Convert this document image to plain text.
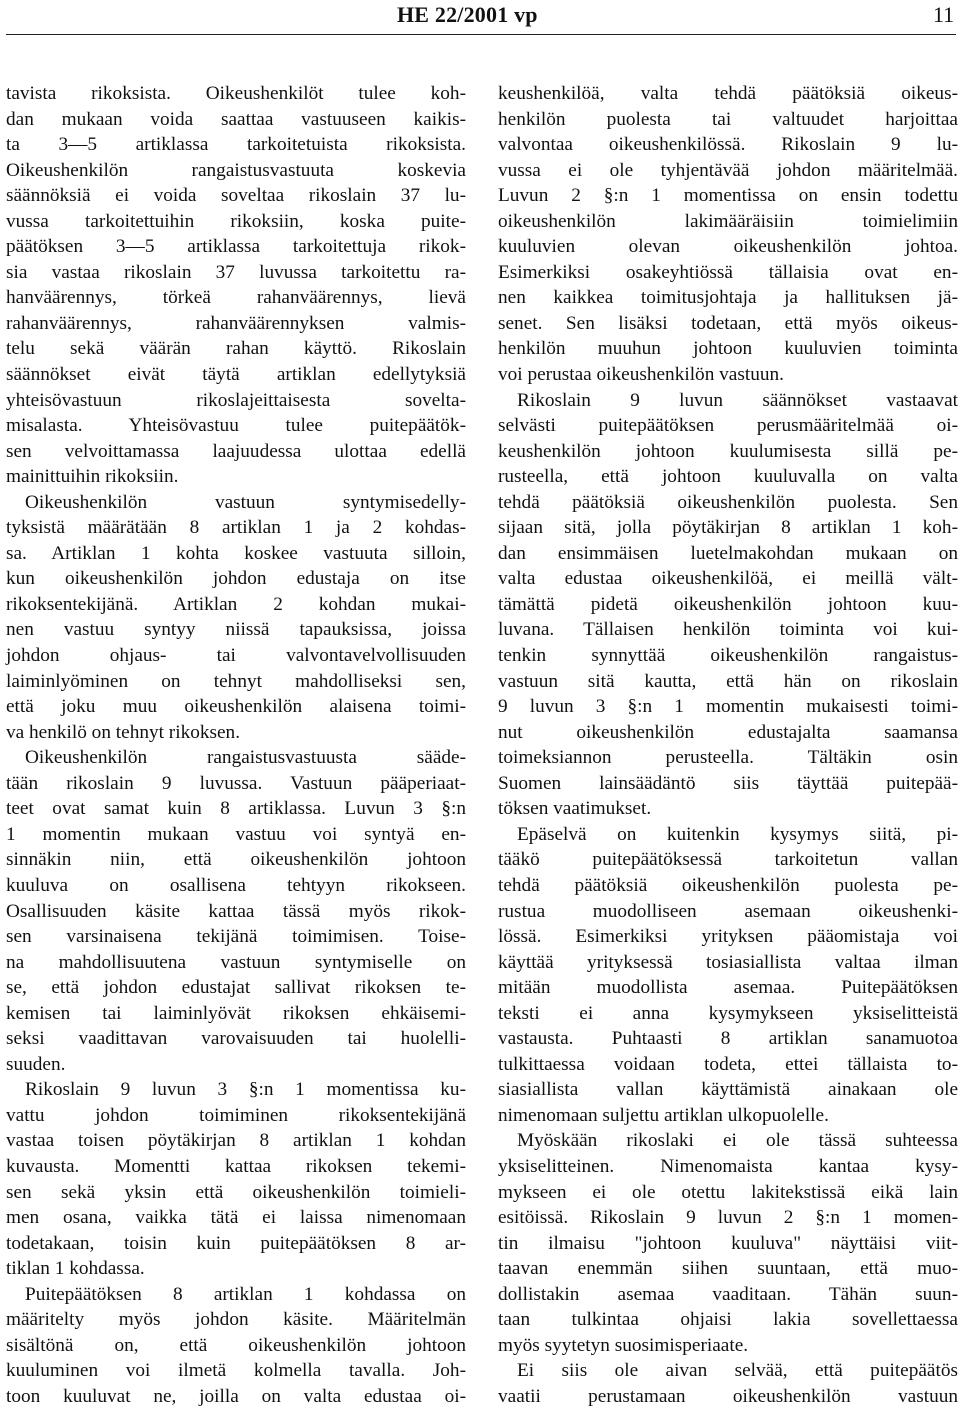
HE 22/2001 vp	11

tavista rikoksista. Oikeushenkilöt tulee koh-
dan mukaan voida saattaa vastuuseen kaikis-
ta 3—5 artiklassa tarkoitetuista rikoksista.
Oikeushenkilön rangaistusvastuuta koskevia
säännöksiä ei voida soveltaa rikoslain 37 lu-
vussa tarkoitettuihin rikoksiin, koska puite-
päätöksen 3—5 artiklassa tarkoitettuja rikok-
sia vastaa rikoslain 37 luvussa tarkoitettu ra-
hanväärennys, törkeä rahanväärennys, lievä
rahanväärennys, rahanväärennyksen valmis-
telu sekä väärän rahan käyttö. Rikoslain
säännökset eivät täytä artiklan edellytyksiä
yhteisövastuun rikoslajeittaisesta sovelta-
misalasta. Yhteisövastuu tulee puitepäätök-
sen velvoittamassa laajuudessa ulottaa edellä
mainittuihin rikoksiin.

Oikeushenkilön vastuun syntymisedelly-
tyksistä määrätään 8 artiklan 1 ja 2 kohdas-
sa. Artiklan 1 kohta koskee vastuuta silloin,
kun oikeushenkilön johdon edustaja on itse
rikoksentekijänä. Artiklan 2 kohdan mukai-
nen vastuu syntyy niissä tapauksissa, joissa
johdon ohjaus- tai valvontavelvollisuuden
laiminlyöminen on tehnyt mahdolliseksi sen,
että joku muu oikeushenkilön alaisena toimi-
va henkilö on tehnyt rikoksen.

Oikeushenkilön rangaistusvastuusta sääde-
tään rikoslain 9 luvussa. Vastuun pääperiaat-
teet ovat samat kuin 8 artiklassa. Luvun 3 §:n
1 momentin mukaan vastuu voi syntyä en-
sinnäkin niin, että oikeushenkilön johtoon
kuuluva on osallisena tehtyyn rikokseen.
Osallisuuden käsite kattaa tässä myös rikok-
sen varsinaisena tekijänä toimimisen. Toise-
na mahdollisuutena vastuun syntymiselle on
se, että johdon edustajat sallivat rikoksen te-
kemisen tai laiminlyövät rikoksen ehkäisemi-
seksi vaadittavan varovaisuuden tai huolelli-
suuden.

Rikoslain 9 luvun 3 §:n 1 momentissa ku-
vattu johdon toimiminen rikoksentekijänä
vastaa toisen pöytäkirjan 8 artiklan 1 kohdan
kuvausta. Momentti kattaa rikoksen tekemi-
sen sekä yksin että oikeushenkilön toimieli-
men osana, vaikka tätä ei laissa nimenomaan
todetakaan, toisin kuin puitepäätöksen 8 ar-
tiklan 1 kohdassa.

Puitepäätöksen 8 artiklan 1 kohdassa on
määritelty myös johdon käsite. Määritelmän
sisältönä on, että oikeushenkilön johtoon
kuuluminen voi ilmetä kolmella tavalla. Joh-
toon kuuluvat ne, joilla on valta edustaa oi-

keushenkilöä, valta tehdä päätöksiä oikeus-
henkilön puolesta tai valtuudet harjoittaa
valvontaa oikeushenkilössä. Rikoslain 9 lu-
vussa ei ole tyhjentävää johdon määritelmää.
Luvun 2 §:n 1 momentissa on ensin todettu
oikeushenkilön lakimääräisiin toimielimiin
kuuluvien olevan oikeushenkilön johtoa.
Esimerkiksi osakeyhtiössä tällaisia ovat en-
nen kaikkea toimitusjohtaja ja hallituksen jä-
senet. Sen lisäksi todetaan, että myös oikeus-
henkilön muuhun johtoon kuuluvien toiminta
voi perustaa oikeushenkilön vastuun.

Rikoslain 9 luvun säännökset vastaavat
selvästi puitepäätöksen perusmääritelmää oi-
keushenkilön johtoon kuulumisesta sillä pe-
rusteella, että johtoon kuuluvalla on valta
tehdä päätöksiä oikeushenkilön puolesta. Sen
sijaan sitä, jolla pöytäkirjan 8 artiklan 1 koh-
dan ensimmäisen luetelmakohdan mukaan on
valta edustaa oikeushenkilöä, ei meillä vält-
tämättä pidetä oikeushenkilön johtoon kuu-
luvana. Tällaisen henkilön toiminta voi kui-
tenkin synnyttää oikeushenkilön rangaistus-
vastuun sitä kautta, että hän on rikoslain
9 luvun 3 §:n 1 momentin mukaisesti toimi-
nut oikeushenkilön edustajalta saamansa
toimeksiannon perusteella. Tältäkin osin
Suomen lainsäädäntö siis täyttää puitepää-
töksen vaatimukset.

Epäselvä on kuitenkin kysymys siitä, pi-
tääkö puitepäätöksessä tarkoitetun vallan
tehdä päätöksiä oikeushenkilön puolesta pe-
rustua muodolliseen asemaan oikeushenki-
lössä. Esimerkiksi yrityksen pääomistaja voi
käyttää yrityksessä tosiasiallista valtaa ilman
mitään muodollista asemaa. Puitepäätöksen
teksti ei anna kysymykseen yksiselitteistä
vastausta. Puhtaasti 8 artiklan sanamuotoa
tulkittaessa voidaan todeta, ettei tällaista to-
siasiallista vallan käyttämistä ainakaan ole
nimenomaan suljettu artiklan ulkopuolelle.

Myöskään rikoslaki ei ole tässä suhteessa
yksiselitteinen. Nimenomaista kantaa kysy-
mykseen ei ole otettu lakitekstissä eikä lain
esitöissä. Rikoslain 9 luvun 2 §:n 1 momen-
tin ilmaisu "johtoon kuuluva" näyttäisi viit-
taavan enemmän siihen suuntaan, että muo-
dollistakin asemaa vaaditaan. Tähän suun-
taan tulkintaa ohjaisi lakia sovellettaessa
myös syytetyn suosimisperiaate.

Ei siis ole aivan selvää, että puitepäätös
vaatii perustamaan oikeushenkilön vastuun
